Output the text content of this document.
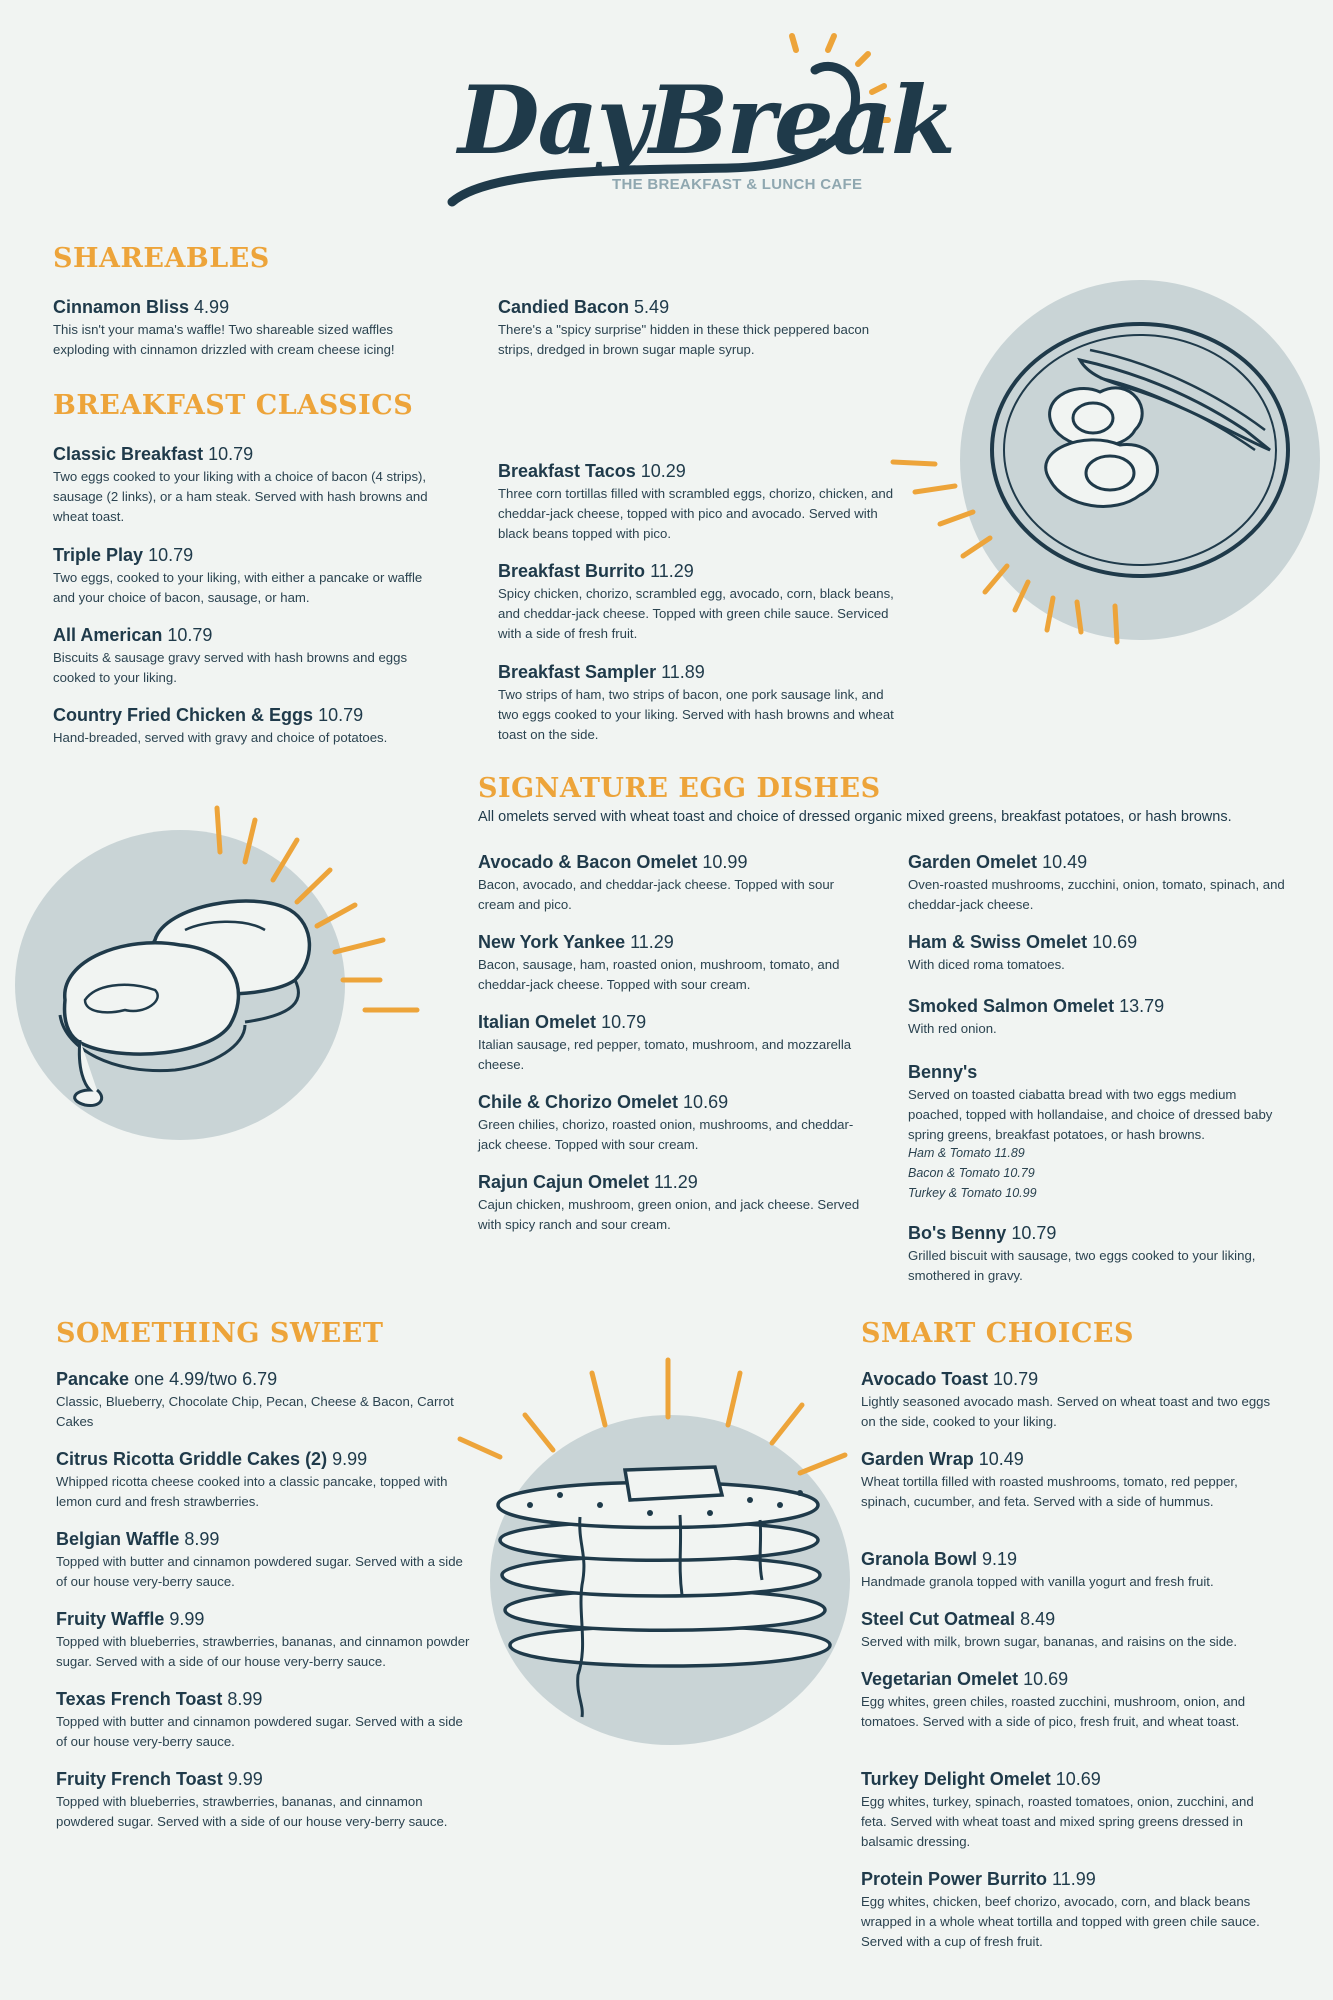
DayBreak
THE BREAKFAST & LUNCH CAFE
SHAREABLES
Cinnamon Bliss 4.99
This isn't your mama's waffle! Two shareable sized waffles exploding with cinnamon drizzled with cream cheese icing!
Candied Bacon 5.49
There's a "spicy surprise" hidden in these thick peppered bacon strips, dredged in brown sugar maple syrup.
BREAKFAST CLASSICS
Classic Breakfast 10.79
Two eggs cooked to your liking with a choice of bacon (4 strips), sausage (2 links), or a ham steak. Served with hash browns and wheat toast.
Triple Play 10.79
Two eggs, cooked to your liking, with either a pancake or waffle and your choice of bacon, sausage, or ham.
All American 10.79
Biscuits & sausage gravy served with hash browns and eggs cooked to your liking.
Country Fried Chicken & Eggs 10.79
Hand-breaded, served with gravy and choice of potatoes.
Breakfast Tacos 10.29
Three corn tortillas filled with scrambled eggs, chorizo, chicken, and cheddar-jack cheese, topped with pico and avocado. Served with black beans topped with pico.
Breakfast Burrito 11.29
Spicy chicken, chorizo, scrambled egg, avocado, corn, black beans, and cheddar-jack cheese. Topped with green chile sauce. Serviced with a side of fresh fruit.
Breakfast Sampler 11.89
Two strips of ham, two strips of bacon, one pork sausage link, and two eggs cooked to your liking. Served with hash browns and wheat toast on the side.
SIGNATURE EGG DISHES
All omelets served with wheat toast and choice of dressed organic mixed greens, breakfast potatoes, or hash browns.
Avocado & Bacon Omelet 10.99
Bacon, avocado, and cheddar-jack cheese. Topped with sour cream and pico.
New York Yankee 11.29
Bacon, sausage, ham, roasted onion, mushroom, tomato, and cheddar-jack cheese. Topped with sour cream.
Italian Omelet 10.79
Italian sausage, red pepper, tomato, mushroom, and mozzarella cheese.
Chile & Chorizo Omelet 10.69
Green chilies, chorizo, roasted onion, mushrooms, and cheddar-jack cheese. Topped with sour cream.
Rajun Cajun Omelet 11.29
Cajun chicken, mushroom, green onion, and jack cheese. Served with spicy ranch and sour cream.
Garden Omelet 10.49
Oven-roasted mushrooms, zucchini, onion, tomato, spinach, and cheddar-jack cheese.
Ham & Swiss Omelet 10.69
With diced roma tomatoes.
Smoked Salmon Omelet 13.79
With red onion.
Benny's
Served on toasted ciabatta bread with two eggs medium poached, topped with hollandaise, and choice of dressed baby spring greens, breakfast potatoes, or hash browns.
Ham & Tomato 11.89
Bacon & Tomato 10.79
Turkey & Tomato 10.99
Bo's Benny 10.79
Grilled biscuit with sausage, two eggs cooked to your liking, smothered in gravy.
SOMETHING SWEET
Pancake one 4.99/two 6.79
Classic, Blueberry, Chocolate Chip, Pecan, Cheese & Bacon, Carrot Cakes
Citrus Ricotta Griddle Cakes (2) 9.99
Whipped ricotta cheese cooked into a classic pancake, topped with lemon curd and fresh strawberries.
Belgian Waffle 8.99
Topped with butter and cinnamon powdered sugar. Served with a side of our house very-berry sauce.
Fruity Waffle 9.99
Topped with blueberries, strawberries, bananas, and cinnamon powder sugar. Served with a side of our house very-berry sauce.
Texas French Toast 8.99
Topped with butter and cinnamon powdered sugar. Served with a side of our house very-berry sauce.
Fruity French Toast 9.99
Topped with blueberries, strawberries, bananas, and cinnamon powdered sugar. Served with a side of our house very-berry sauce.
SMART CHOICES
Avocado Toast 10.79
Lightly seasoned avocado mash. Served on wheat toast and two eggs on the side, cooked to your liking.
Garden Wrap 10.49
Wheat tortilla filled with roasted mushrooms, tomato, red pepper, spinach, cucumber, and feta. Served with a side of hummus.
Granola Bowl 9.19
Handmade granola topped with vanilla yogurt and fresh fruit.
Steel Cut Oatmeal 8.49
Served with milk, brown sugar, bananas, and raisins on the side.
Vegetarian Omelet 10.69
Egg whites, green chiles, roasted zucchini, mushroom, onion, and tomatoes. Served with a side of pico, fresh fruit, and wheat toast.
Turkey Delight Omelet 10.69
Egg whites, turkey, spinach, roasted tomatoes, onion, zucchini, and feta. Served with wheat toast and mixed spring greens dressed in balsamic dressing.
Protein Power Burrito 11.99
Egg whites, chicken, beef chorizo, avocado, corn, and black beans wrapped in a whole wheat tortilla and topped with green chile sauce. Served with a cup of fresh fruit.
